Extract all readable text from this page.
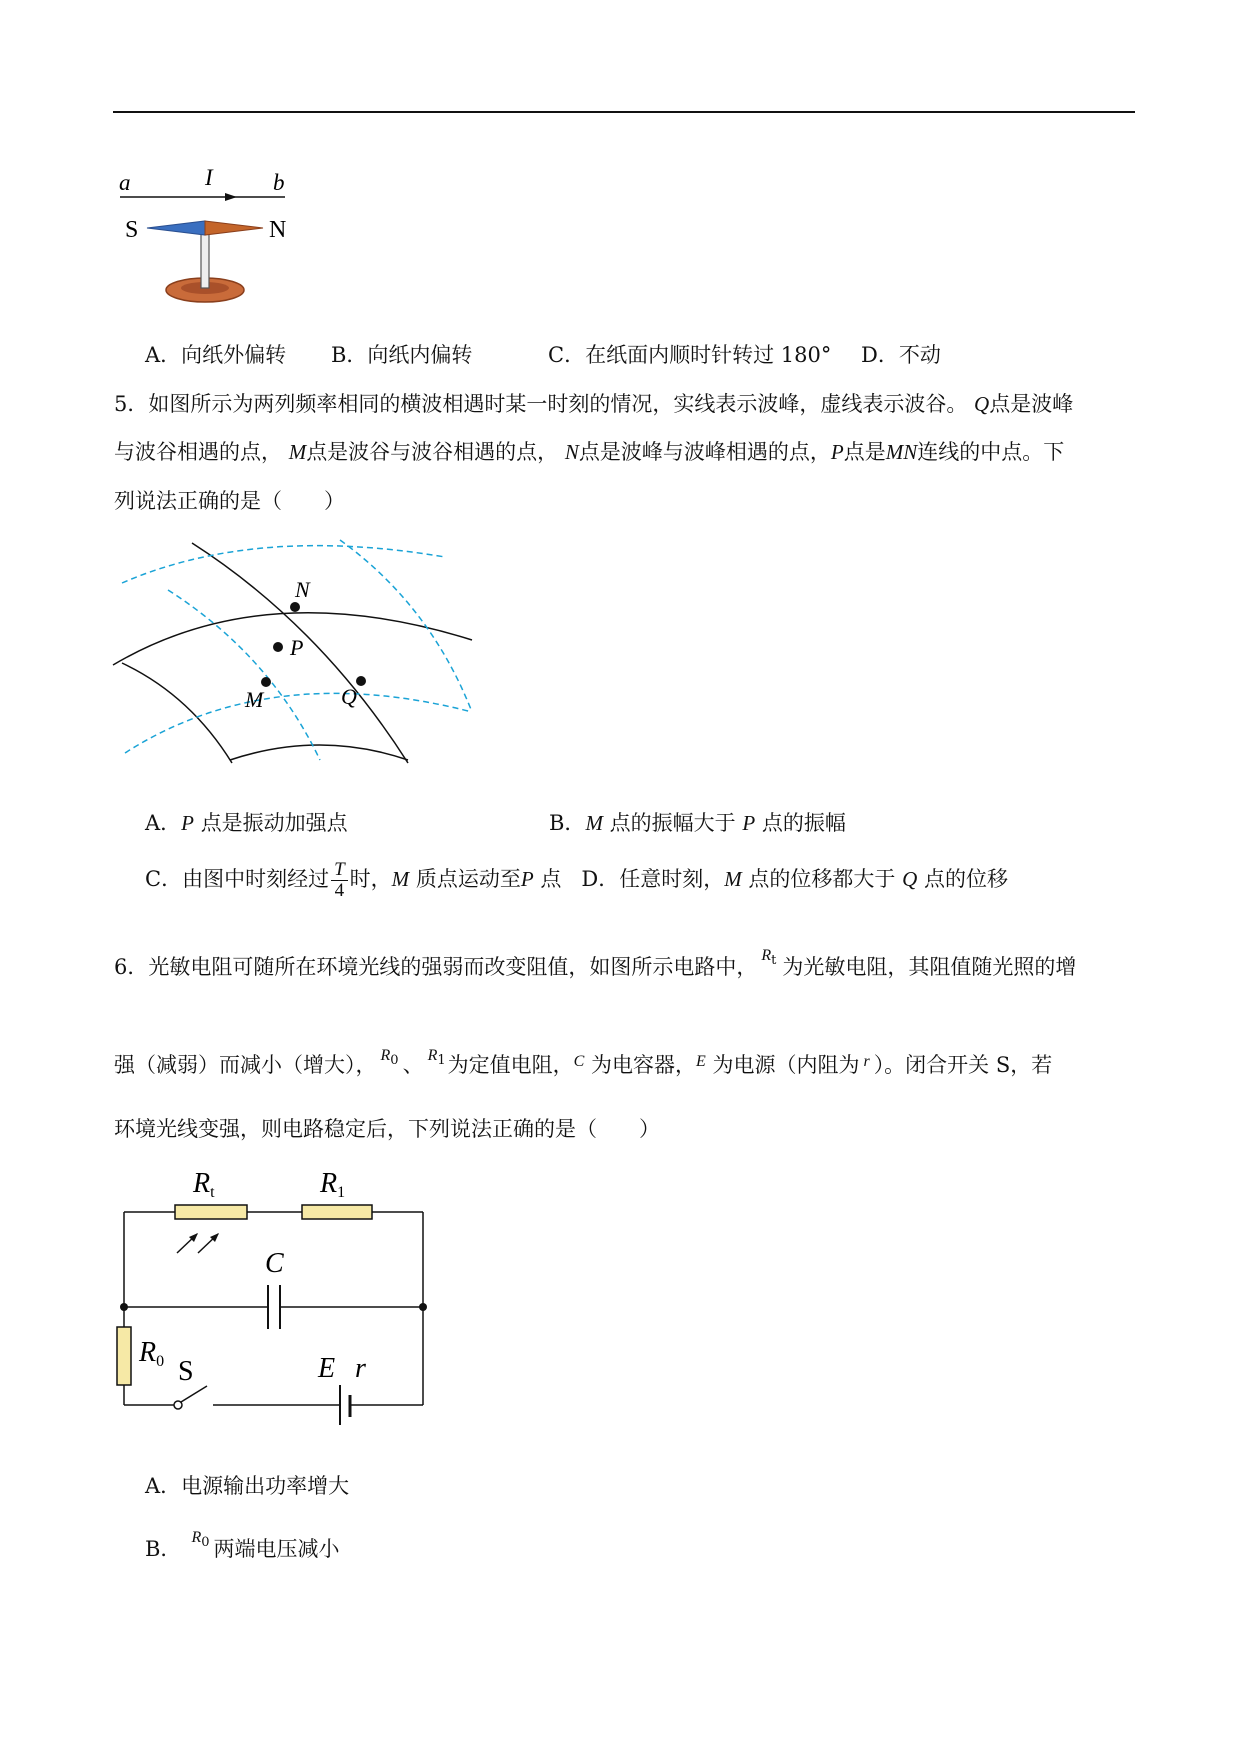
a	I	b
S	N
A．向纸外偏转 B．向纸内偏转	C．在纸面内顺时针转过 180° D．不动
5．如图所示为两列频率相同的横波相遇时某一时刻的情况，实线表示波峰，虚线表示波谷。 Q点是波峰
与波谷相遇的点， M点是波谷与波谷相遇的点， N点是波峰与波峰相遇的点，P点是MN连线的中点。下
列说法正确的是（　　）
N
P
M	Q
A．P 点是振动加强点	B．M 点的振幅大于 P 点的振幅
C．由图中时刻经过 $\frac{T}{4}$ 时，M 质点运动至P 点 D．任意时刻，M 点的位移都大于 Q 点的位移
6．光敏电阻可随所在环境光线的强弱而改变阻值，如图所示电路中， $R_t$ 为光敏电阻，其阻值随光照的增
强（减弱）而减小（增大）， $R_0$ 、 $R_1$为定值电阻，$^C$ 为电容器，$^E$ 为电源（内阻为 $^r$ ）。闭合开关 S，若
环境光线变强，则电路稳定后，下列说法正确的是（　　）
Rt	R1
C
R0 S	E r
A．电源输出功率增大
B． $R_0$ 两端电压减小
